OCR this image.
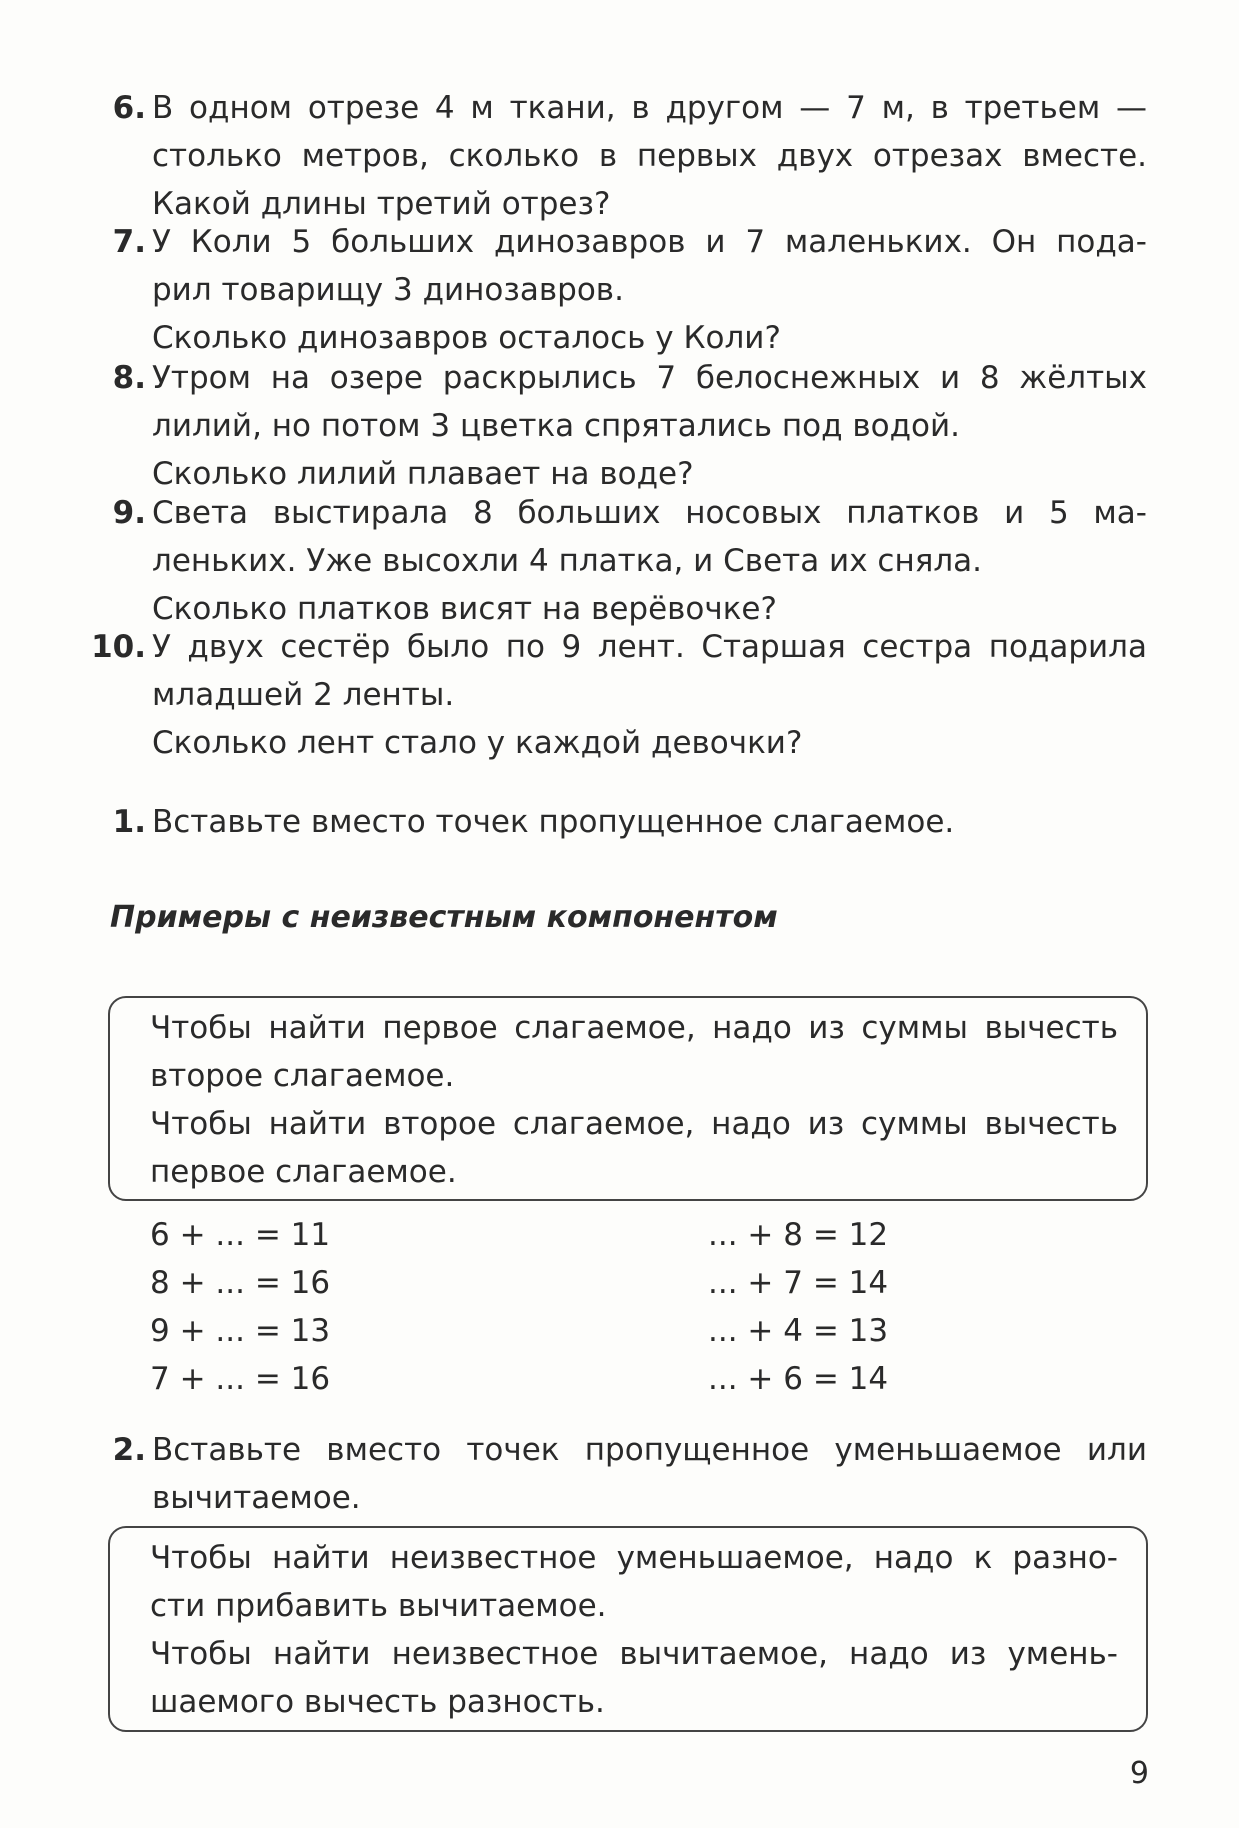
6. В одном отрезе 4 м ткани, в другом — 7 м, в третьем —
столько метров, сколько в первых двух отрезах вместе.
Какой длины третий отрез?
7. У Коли 5 больших динозавров и 7 маленьких. Он пода-
рил товарищу 3 динозавров.
Сколько динозавров осталось у Коли?
8. Утром на озере раскрылись 7 белоснежных и 8 жёлтых
лилий, но потом 3 цветка спрятались под водой.
Сколько лилий плавает на воде?
9. Света выстирала 8 больших носовых платков и 5 ма-
леньких. Уже высохли 4 платка, и Света их сняла.
Сколько платков висят на верёвочке?
10. У двух сестёр было по 9 лент. Старшая сестра подарила
младшей 2 ленты.
Сколько лент стало у каждой девочки?
Примеры с неизвестным компонентом
1. Вставьте вместо точек пропущенное слагаемое.
Чтобы найти первое слагаемое, надо из суммы вычесть
второе слагаемое.
Чтобы найти второе слагаемое, надо из суммы вычесть
первое слагаемое.
6 + ... = 11
8 + ... = 16
9 + ... = 13
7 + ... = 16
... + 8 = 12
... + 7 = 14
... + 4 = 13
... + 6 = 14
2. Вставьте вместо точек пропущенное уменьшаемое или
вычитаемое.
Чтобы найти неизвестное уменьшаемое, надо к разно-
сти прибавить вычитаемое.
Чтобы найти неизвестное вычитаемое, надо из умень-
шаемого вычесть разность.
9
